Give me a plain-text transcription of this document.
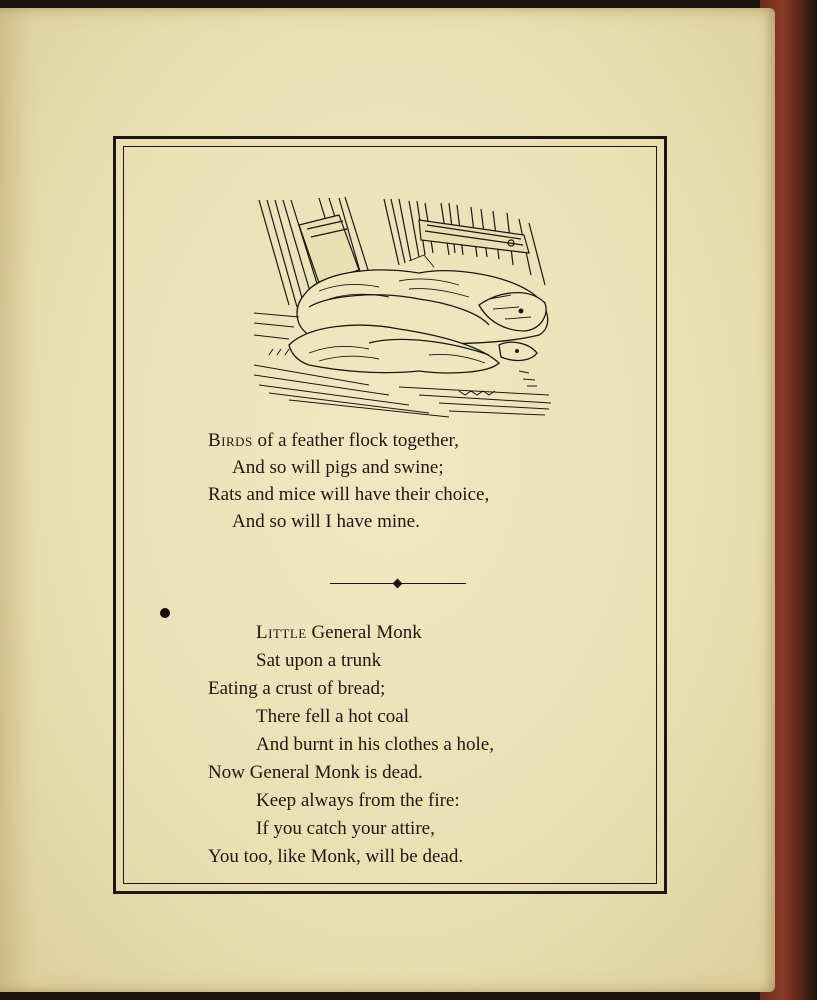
Birds of a feather flock together,
And so will pigs and swine;
Rats and mice will have their choice,
And so will I have mine.
Little General Monk
Sat upon a trunk
Eating a crust of bread;
There fell a hot coal
And burnt in his clothes a hole,
Now General Monk is dead.
Keep always from the fire:
If you catch your attire,
You too, like Monk, will be dead.
